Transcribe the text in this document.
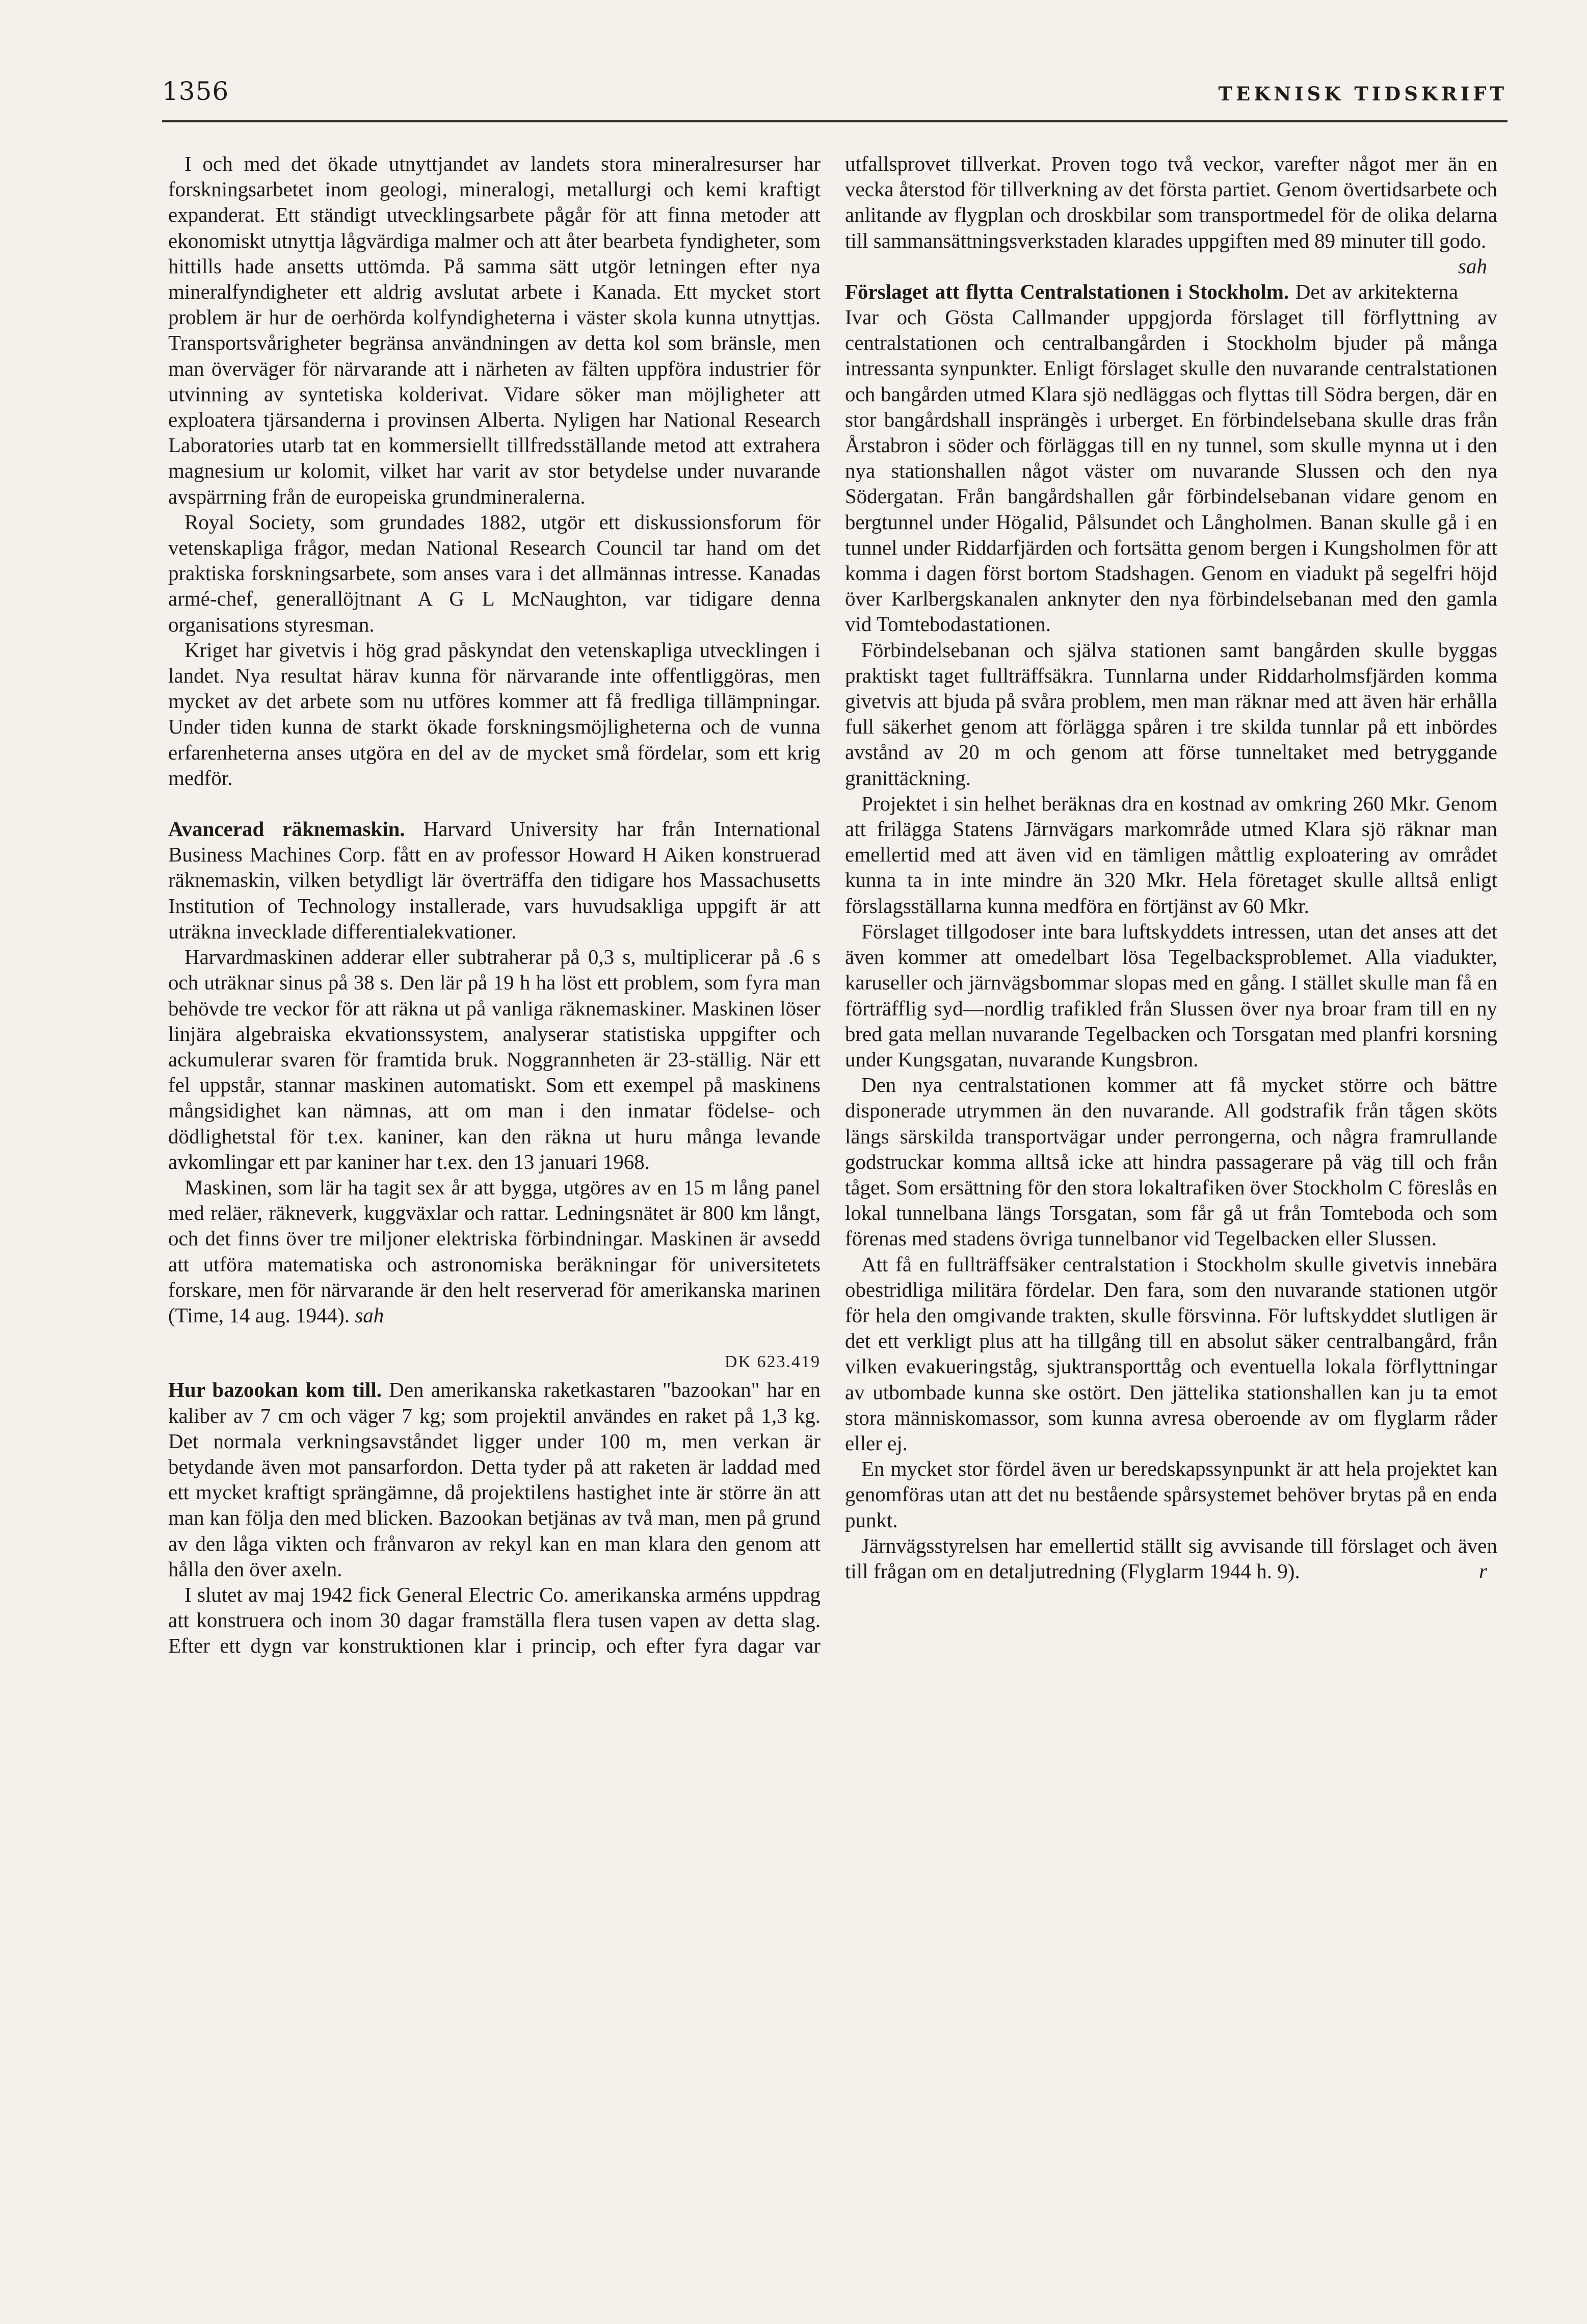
1356	TEKNISK TIDSKRIFT

I och med det ökade utnyttjandet av landets stora mineralresurser har forskningsarbetet inom geologi, mineralogi, metallurgi och kemi kraftigt expanderat. Ett ständigt utvecklingsarbete pågår för att finna metoder att ekonomiskt utnyttja lågvärdiga malmer och att åter bearbeta fyndigheter, som hittills hade ansetts uttömda. På samma sätt utgör letningen efter nya mineralfyndigheter ett aldrig avslutat arbete i Kanada. Ett mycket stort problem är hur de oerhörda kolfyndigheterna i väster skola kunna utnyttjas. Transportsvårigheter begränsa användningen av detta kol som bränsle, men man överväger för närvarande att i närheten av fälten uppföra industrier för utvinning av syntetiska kolderivat. Vidare söker man möjligheter att exploatera tjärsanderna i provinsen Alberta. Nyligen har National Research Laboratories utarb tat en kommersiellt tillfredsställande metod att extrahera magnesium ur kolomit, vilket har varit av stor betydelse under nuvarande avspärrning från de europeiska grundmineralerna.

Royal Society, som grundades 1882, utgör ett diskussionsforum för vetenskapliga frågor, medan National Research Council tar hand om det praktiska forskningsarbete, som anses vara i det allmännas intresse. Kanadas armé-chef, generallöjtnant A G L McNaughton, var tidigare denna organisations styresman.

Kriget har givetvis i hög grad påskyndat den vetenskapliga utvecklingen i landet. Nya resultat härav kunna för närvarande inte offentliggöras, men mycket av det arbete som nu utföres kommer att få fredliga tillämpningar. Under tiden kunna de starkt ökade forskningsmöjligheterna och de vunna erfarenheterna anses utgöra en del av de mycket små fördelar, som ett krig medför.

Avancerad räknemaskin. Harvard University har från International Business Machines Corp. fått en av professor Howard H Aiken konstruerad räknemaskin, vilken betydligt lär överträffa den tidigare hos Massachusetts Institution of Technology installerade, vars huvudsakliga uppgift är att uträkna invecklade differentialekvationer.

Harvardmaskinen adderar eller subtraherar på 0,3 s, multiplicerar på .6 s och uträknar sinus på 38 s. Den lär på 19 h ha löst ett problem, som fyra man behövde tre veckor för att räkna ut på vanliga räknemaskiner. Maskinen löser linjära algebraiska ekvationssystem, analyserar statistiska uppgifter och ackumulerar svaren för framtida bruk. Noggrannheten är 23-ställig. När ett fel uppstår, stannar maskinen automatiskt. Som ett exempel på maskinens mångsidighet kan nämnas, att om man i den inmatar födelse- och dödlighetstal för t.ex. kaniner, kan den räkna ut huru många levande avkomlingar ett par kaniner har t.ex. den 13 januari 1968.

Maskinen, som lär ha tagit sex år att bygga, utgöres av en 15 m lång panel med reläer, räkneverk, kuggväxlar och rattar. Ledningsnätet är 800 km långt, och det finns över tre miljoner elektriska förbindningar. Maskinen är avsedd att utföra matematiska och astronomiska beräkningar för universitetets forskare, men för närvarande är den helt reserverad för amerikanska marinen (Time, 14 aug. 1944). sah

DK 623.419

Hur bazookan kom till. Den amerikanska raketkastaren "bazookan" har en kaliber av 7 cm och väger 7 kg; som projektil användes en raket på 1,3 kg. Det normala verkningsavståndet ligger under 100 m, men verkan är betydande även mot pansarfordon. Detta tyder på att raketen är laddad med ett mycket kraftigt sprängämne, då projektilens hastighet inte är större än att man kan följa den med blicken. Bazookan betjänas av två man, men på grund av den låga vikten och frånvaron av rekyl kan en man klara den genom att hålla den över axeln.

I slutet av maj 1942 fick General Electric Co. amerikanska arméns uppdrag att konstruera och inom 30 dagar framställa flera tusen vapen av detta slag. Efter ett dygn var konstruktionen klar i princip, och efter fyra dagar var

utfallsprovet tillverkat. Proven togo två veckor, varefter något mer än en vecka återstod för tillverkning av det första partiet. Genom övertidsarbete och anlitande av flygplan och droskbilar som transportmedel för de olika delarna till sammansättningsverkstaden klarades uppgiften med 89 minuter till godo.
sah

Förslaget att flytta Centralstationen i Stockholm. Det av arkitekterna Ivar och Gösta Callmander uppgjorda förslaget till förflyttning av centralstationen och centralbangården i Stockholm bjuder på många intressanta synpunkter. Enligt förslaget skulle den nuvarande centralstationen och bangården utmed Klara sjö nedläggas och flyttas till Södra bergen, där en stor bangårdshall insprängès i urberget. En förbindelsebana skulle dras från Årstabron i söder och förläggas till en ny tunnel, som skulle mynna ut i den nya stationshallen något väster om nuvarande Slussen och den nya Södergatan. Från bangårdshallen går förbindelsebanan vidare genom en bergtunnel under Högalid, Pålsundet och Långholmen. Banan skulle gå i en tunnel under Riddarfjärden och fortsätta genom bergen i Kungsholmen för att komma i dagen först bortom Stadshagen. Genom en viadukt på segelfri höjd över Karlbergskanalen anknyter den nya förbindelsebanan med den gamla vid Tomtebodastationen.

Förbindelsebanan och själva stationen samt bangården skulle byggas praktiskt taget fullträffsäkra. Tunnlarna under Riddarholmsfjärden komma givetvis att bjuda på svåra problem, men man räknar med att även här erhålla full säkerhet genom att förlägga spåren i tre skilda tunnlar på ett inbördes avstånd av 20 m och genom att förse tunneltaket med betryggande granittäckning.

Projektet i sin helhet beräknas dra en kostnad av omkring 260 Mkr. Genom att frilägga Statens Järnvägars markområde utmed Klara sjö räknar man emellertid med att även vid en tämligen måttlig exploatering av området kunna ta in inte mindre än 320 Mkr. Hela företaget skulle alltså enligt förslagsställarna kunna medföra en förtjänst av 60 Mkr.

Förslaget tillgodoser inte bara luftskyddets intressen, utan det anses att det även kommer att omedelbart lösa Tegelbacksproblemet. Alla viadukter, karuseller och järnvägsbommar slopas med en gång. I stället skulle man få en förträfflig syd—nordlig trafikled från Slussen över nya broar fram till en ny bred gata mellan nuvarande Tegelbacken och Torsgatan med planfri korsning under Kungsgatan, nuvarande Kungsbron.

Den nya centralstationen kommer att få mycket större och bättre disponerade utrymmen än den nuvarande. All godstrafik från tågen sköts längs särskilda transportvägar under perrongerna, och några framrullande godstruckar komma alltså icke att hindra passagerare på väg till och från tåget. Som ersättning för den stora lokaltrafiken över Stockholm C föreslås en lokal tunnelbana längs Torsgatan, som får gå ut från Tomteboda och som förenas med stadens övriga tunnelbanor vid Tegelbacken eller Slussen.

Att få en fullträffsäker centralstation i Stockholm skulle givetvis innebära obestridliga militära fördelar. Den fara, som den nuvarande stationen utgör för hela den omgivande trakten, skulle försvinna. För luftskyddet slutligen är det ett verkligt plus att ha tillgång till en absolut säker centralbangård, från vilken evakueringståg, sjuktransporttåg och eventuella lokala förflyttningar av utbombade kunna ske ostört. Den jättelika stationshallen kan ju ta emot stora människomassor, som kunna avresa oberoende av om flyglarm råder eller ej.

En mycket stor fördel även ur beredskapssynpunkt är att hela projektet kan genomföras utan att det nu bestående spårsystemet behöver brytas på en enda punkt.

Järnvägsstyrelsen har emellertid ställt sig avvisande till förslaget och även till frågan om en detaljutredning (Flyglarm 1944 h. 9).	r
